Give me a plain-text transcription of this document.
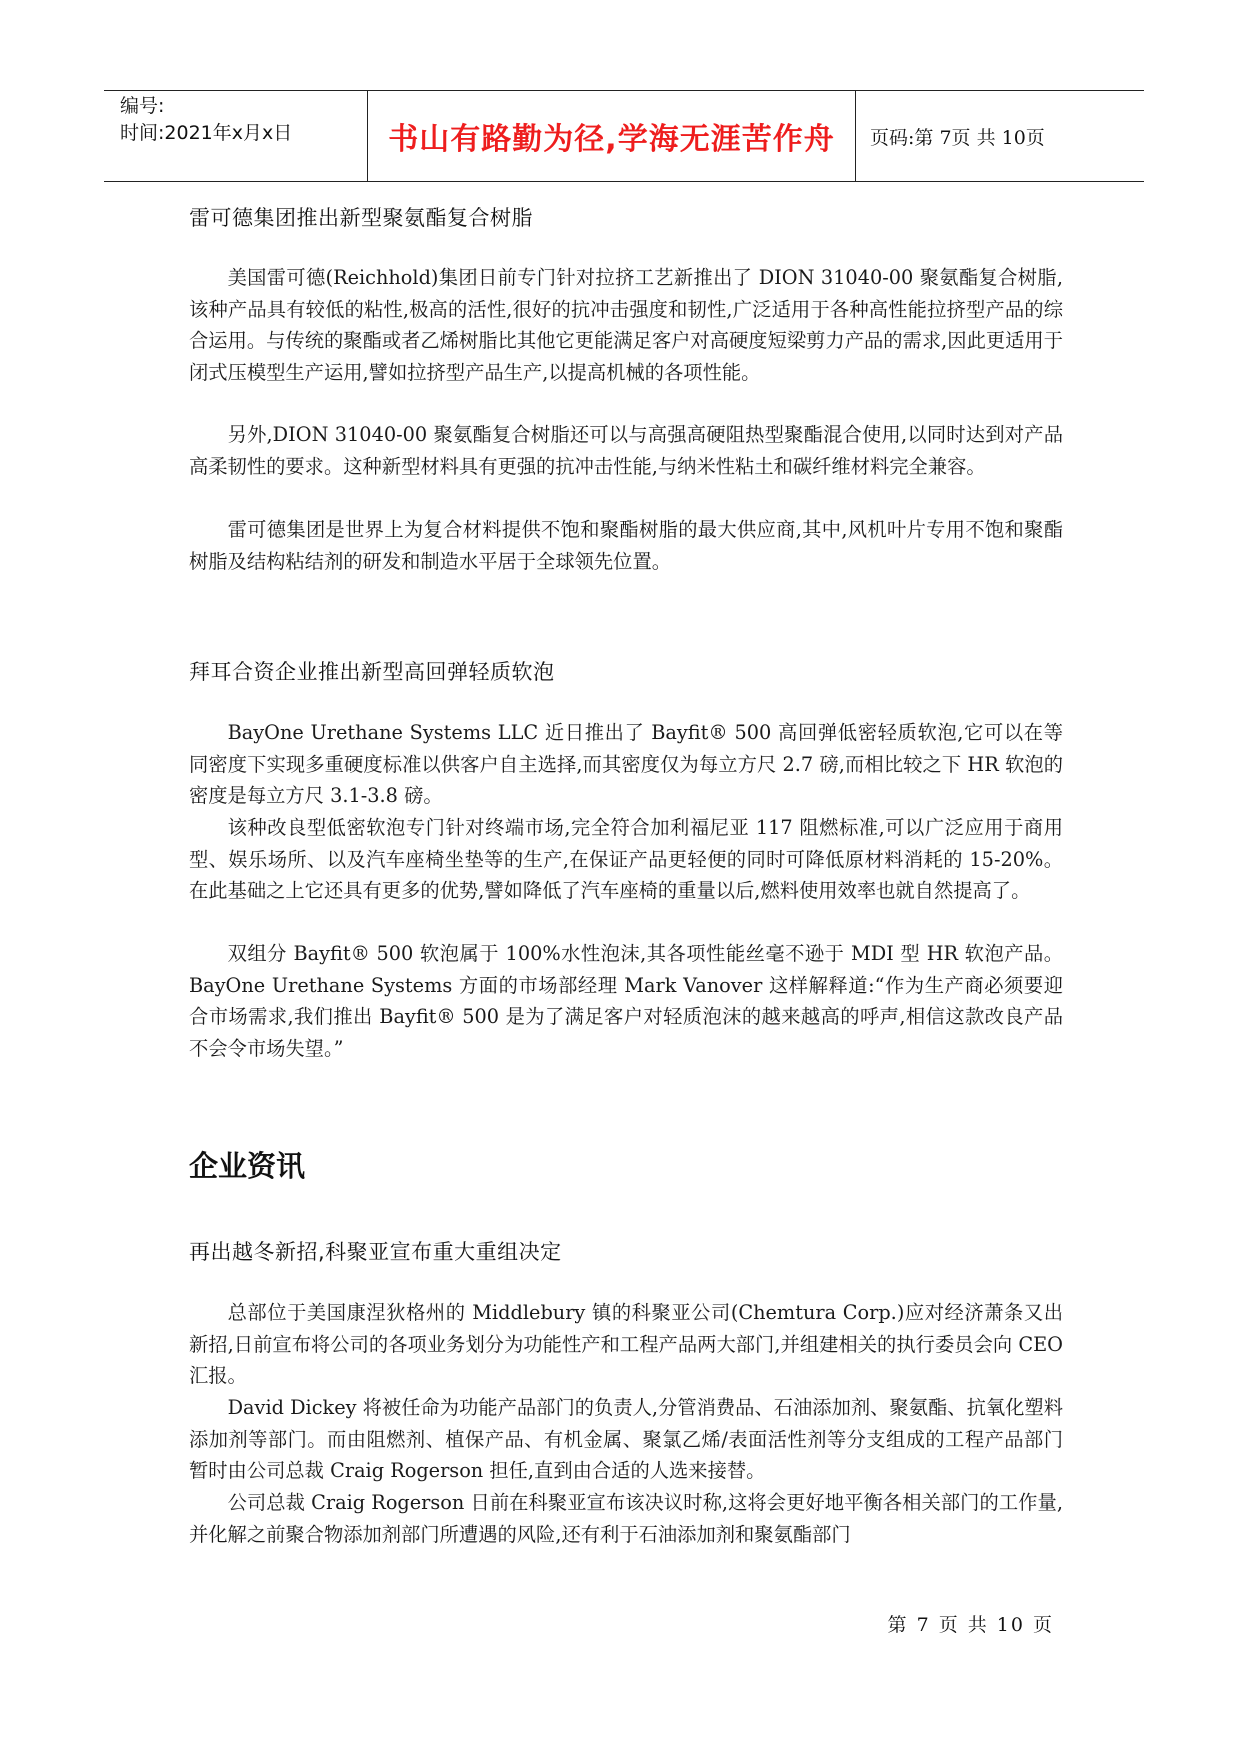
编号:
时间:2021年x月x日	书山有路勤为径,学海无涯苦作舟	页码:第 7页 共 10页
雷可德集团推出新型聚氨酯复合树脂

美国雷可德(Reichhold)集团日前专门针对拉挤工艺新推出了 DION 31040-00 聚氨酯复合树脂,该种产品具有较低的粘性,极高的活性,很好的抗冲击强度和韧性,广泛适用于各种高性能拉挤型产品的综合运用。与传统的聚酯或者乙烯树脂比其他它更能满足客户对高硬度短梁剪力产品的需求,因此更适用于闭式压模型生产运用,譬如拉挤型产品生产,以提高机械的各项性能。

另外,DION 31040-00 聚氨酯复合树脂还可以与高强高硬阻热型聚酯混合使用,以同时达到对产品高柔韧性的要求。这种新型材料具有更强的抗冲击性能,与纳米性粘土和碳纤维材料完全兼容。

雷可德集团是世界上为复合材料提供不饱和聚酯树脂的最大供应商,其中,风机叶片专用不饱和聚酯树脂及结构粘结剂的研发和制造水平居于全球领先位置。

拜耳合资企业推出新型高回弹轻质软泡

BayOne Urethane Systems LLC 近日推出了 Bayfit® 500 高回弹低密轻质软泡,它可以在等同密度下实现多重硬度标准以供客户自主选择,而其密度仅为每立方尺 2.7 磅,而相比较之下 HR 软泡的密度是每立方尺 3.1-3.8 磅。

该种改良型低密软泡专门针对终端市场,完全符合加利福尼亚 117 阻燃标准,可以广泛应用于商用型、娱乐场所、以及汽车座椅坐垫等的生产,在保证产品更轻便的同时可降低原材料消耗的 15-20%。在此基础之上它还具有更多的优势,譬如降低了汽车座椅的重量以后,燃料使用效率也就自然提高了。

双组分 Bayfit® 500 软泡属于 100%水性泡沫,其各项性能丝毫不逊于 MDI 型 HR 软泡产品。BayOne Urethane Systems 方面的市场部经理 Mark Vanover 这样解释道:“作为生产商必须要迎合市场需求,我们推出 Bayfit® 500 是为了满足客户对轻质泡沫的越来越高的呼声,相信这款改良产品不会令市场失望。”

企业资讯
再出越冬新招,科聚亚宣布重大重组决定

总部位于美国康涅狄格州的 Middlebury 镇的科聚亚公司(Chemtura Corp.)应对经济萧条又出新招,日前宣布将公司的各项业务划分为功能性产和工程产品两大部门,并组建相关的执行委员会向 CEO 汇报。

David Dickey 将被任命为功能产品部门的负责人,分管消费品、石油添加剂、聚氨酯、抗氧化塑料添加剂等部门。而由阻燃剂、植保产品、有机金属、聚氯乙烯/表面活性剂等分支组成的工程产品部门暂时由公司总裁 Craig Rogerson 担任,直到由合适的人选来接替。

公司总裁 Craig Rogerson 日前在科聚亚宣布该决议时称,这将会更好地平衡各相关部门的工作量,并化解之前聚合物添加剂部门所遭遇的风险,还有利于石油添加剂和聚氨酯部门

第 7 页 共 10 页
